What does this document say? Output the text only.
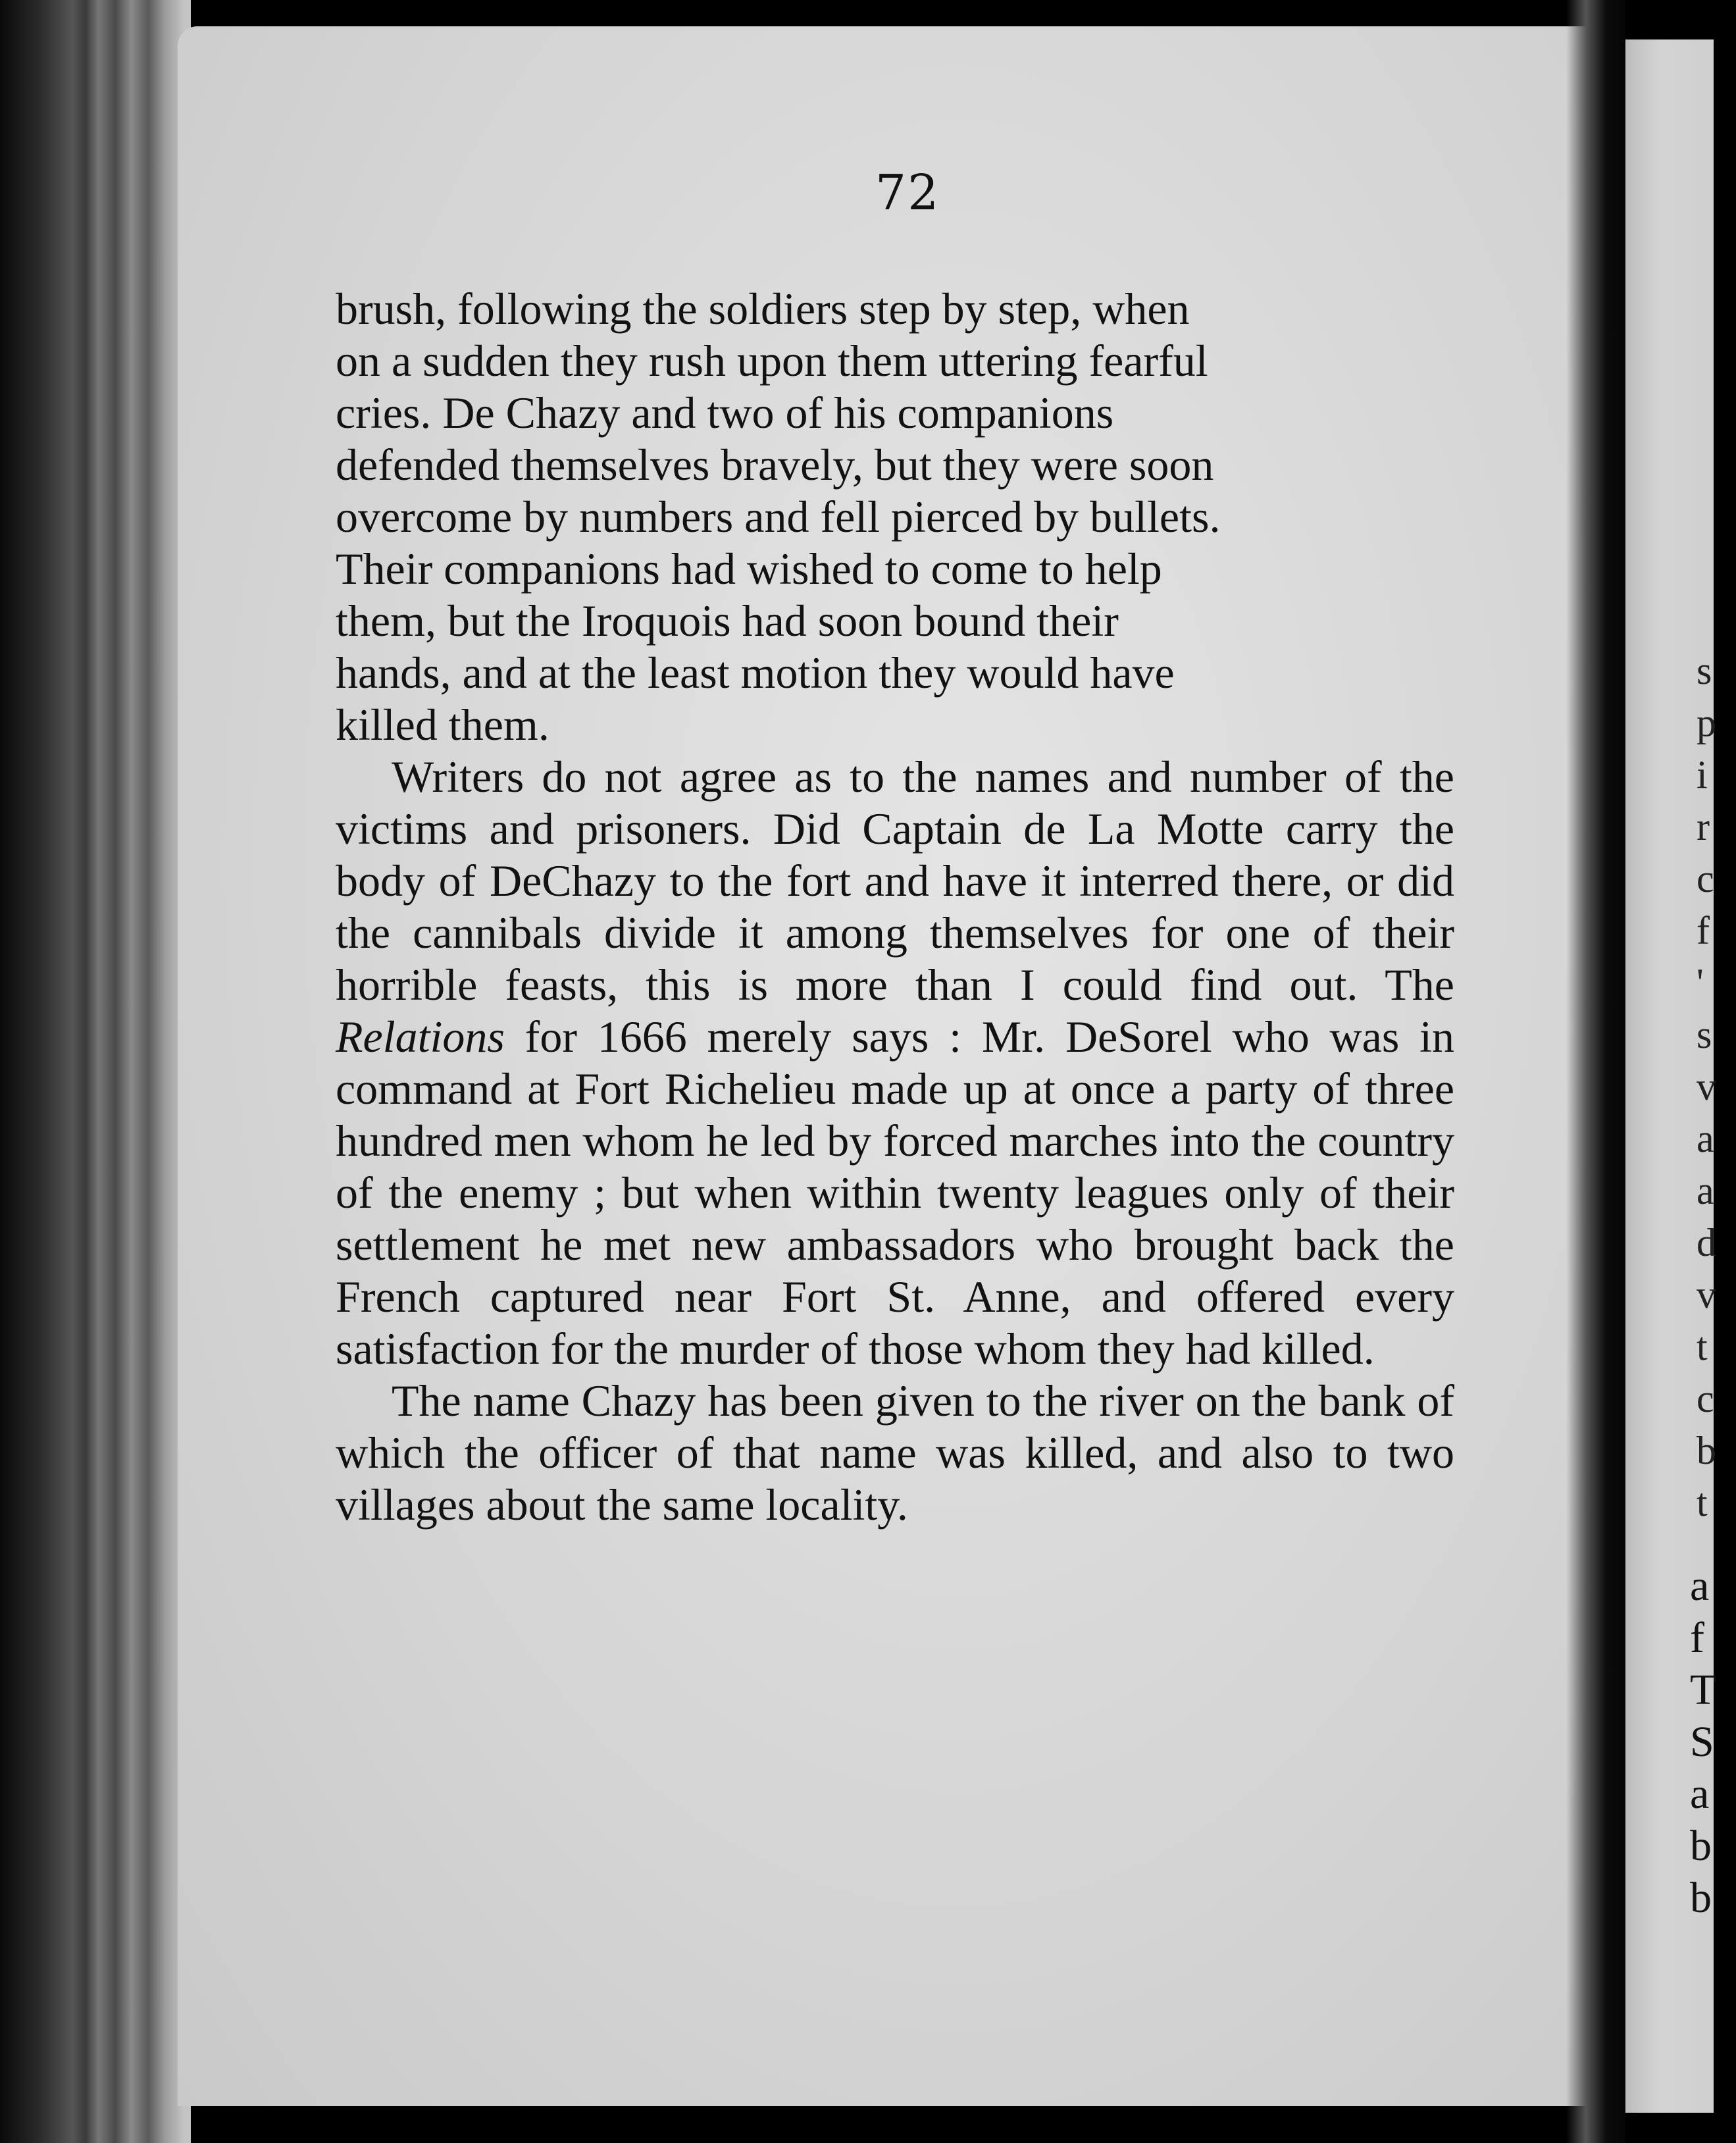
72

brush, following the soldiers step by step, when

on a sudden they rush upon them uttering fearful

cries. De Chazy and two of his companions

defended themselves bravely, but they were soon

overcome by numbers and fell pierced by bullets.

Their companions had wished to come to help

them, but the Iroquois had soon bound their

hands, and at the least motion they would have

killed them.

Writers do not agree as to the names and number of the victims and prisoners. Did Captain de La Motte carry the body of DeChazy to the fort and have it interred there, or did the cannibals divide it among themselves for one of their horrible feasts, this is more than I could find out. The Relations for 1666 merely says : Mr. DeSorel who was in command at Fort Richelieu made up at once a party of three hundred men whom he led by forced marches into the country of the enemy ; but when within twenty leagues only of their settlement he met new ambassadors who brought back the French captured near Fort St. Anne, and offered every satisfaction for the murder of those whom they had killed.

The name Chazy has been given to the river on the bank of which the officer of that name was killed, and also to two villages about the same locality.

s
p
i
r
c
f
'
s
v
a
a
d
v
t
c
b
t
a
f
T
S
a
b
b
